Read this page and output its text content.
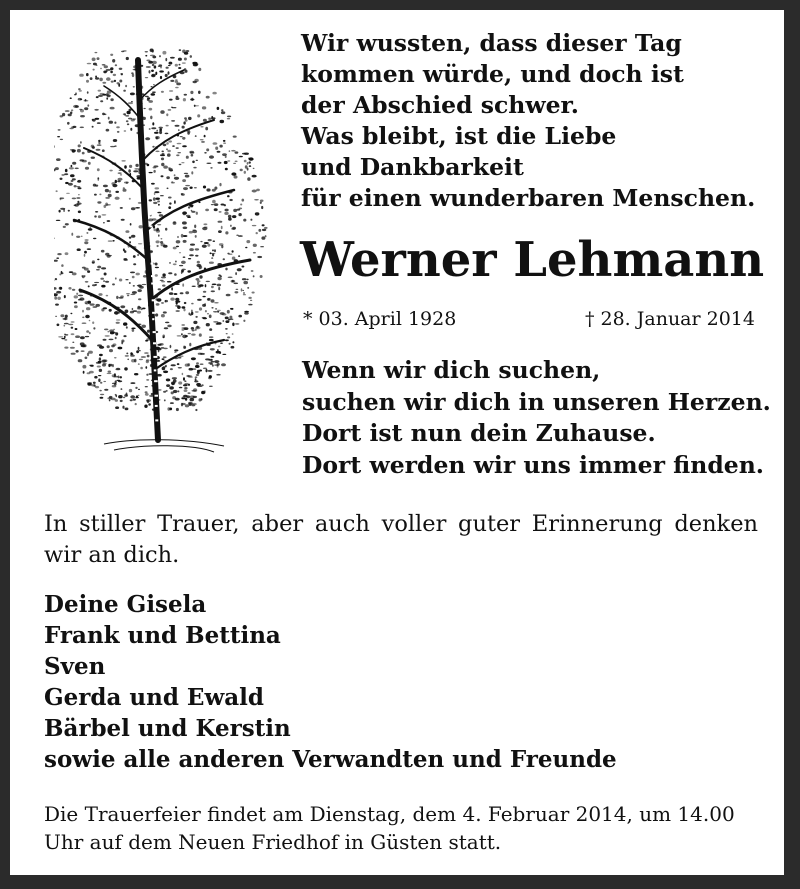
Wir wussten, dass dieser Tag
kommen würde, und doch ist
der Abschied schwer.
Was bleibt, ist die Liebe
und Dankbarkeit
für einen wunderbaren Menschen.
Werner Lehmann
* 03. April 1928	† 28. Januar 2014
Wenn wir dich suchen,
suchen wir dich in unseren Herzen.
Dort ist nun dein Zuhause.
Dort werden wir uns immer finden.
In stiller Trauer, aber auch voller guter Erinnerung denken wir an dich.
Deine Gisela
Frank und Bettina
Sven
Gerda und Ewald
Bärbel und Kerstin
sowie alle anderen Verwandten und Freunde
Die Trauerfeier findet am Dienstag, dem 4. Februar 2014, um 14.00 Uhr auf dem Neuen Friedhof in Güsten statt.
